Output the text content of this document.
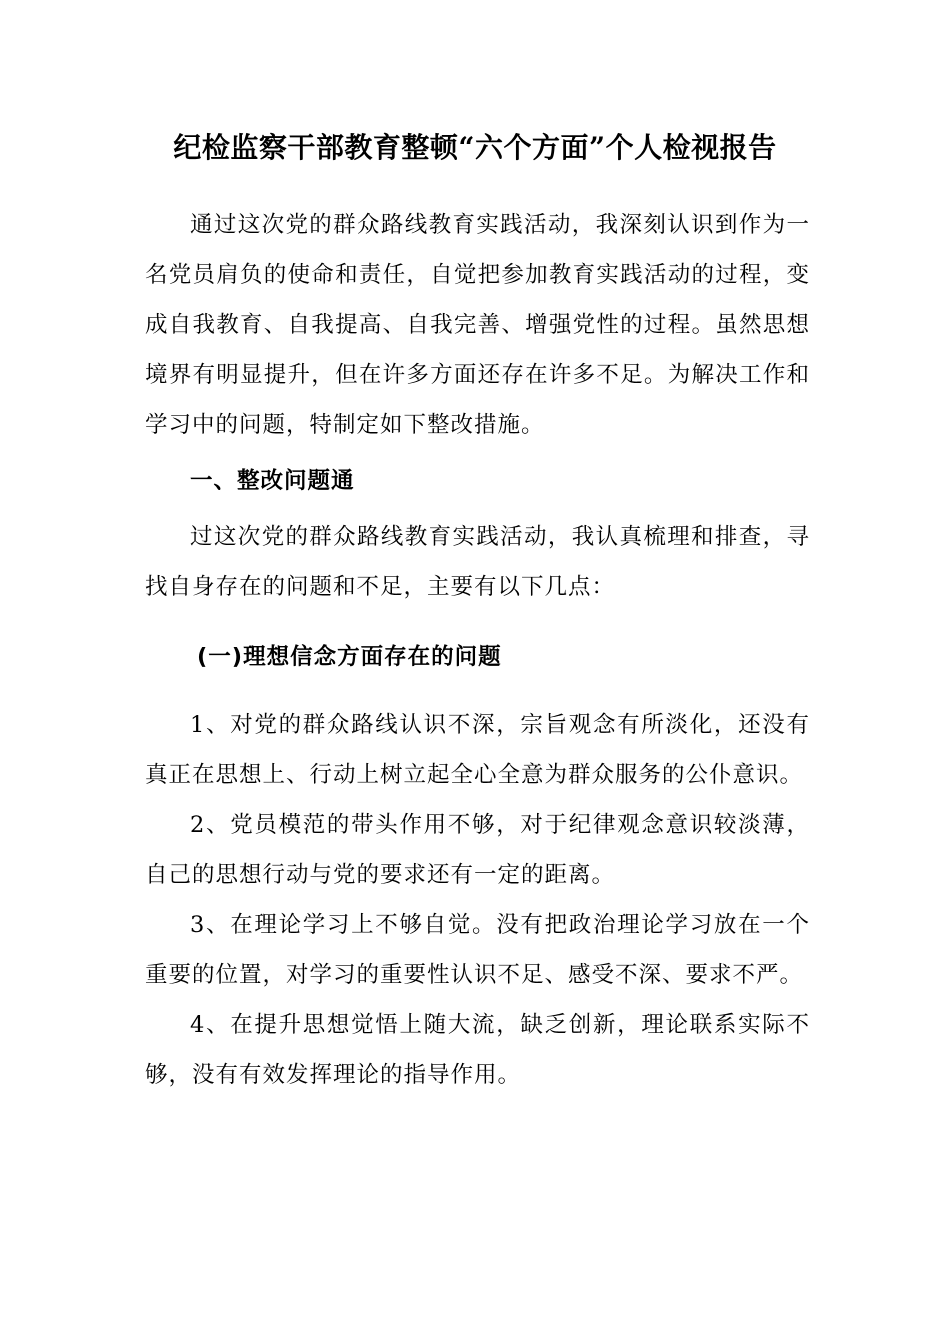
纪检监察干部教育整顿“六个方面”个人检视报告

通过这次党的群众路线教育实践活动，我深刻认识到作为一名党员肩负的使命和责任，自觉把参加教育实践活动的过程，变成自我教育、自我提高、自我完善、增强党性的过程。虽然思想境界有明显提升，但在许多方面还存在许多不足。为解决工作和学习中的问题，特制定如下整改措施。

一、整改问题通

过这次党的群众路线教育实践活动，我认真梳理和排查，寻找自身存在的问题和不足，主要有以下几点：

(一)理想信念方面存在的问题

1、对党的群众路线认识不深，宗旨观念有所淡化，还没有真正在思想上、行动上树立起全心全意为群众服务的公仆意识。

2、党员模范的带头作用不够，对于纪律观念意识较淡薄，自己的思想行动与党的要求还有一定的距离。

3、在理论学习上不够自觉。没有把政治理论学习放在一个重要的位置，对学习的重要性认识不足、感受不深、要求不严。

4、在提升思想觉悟上随大流，缺乏创新，理论联系实际不够，没有有效发挥理论的指导作用。
